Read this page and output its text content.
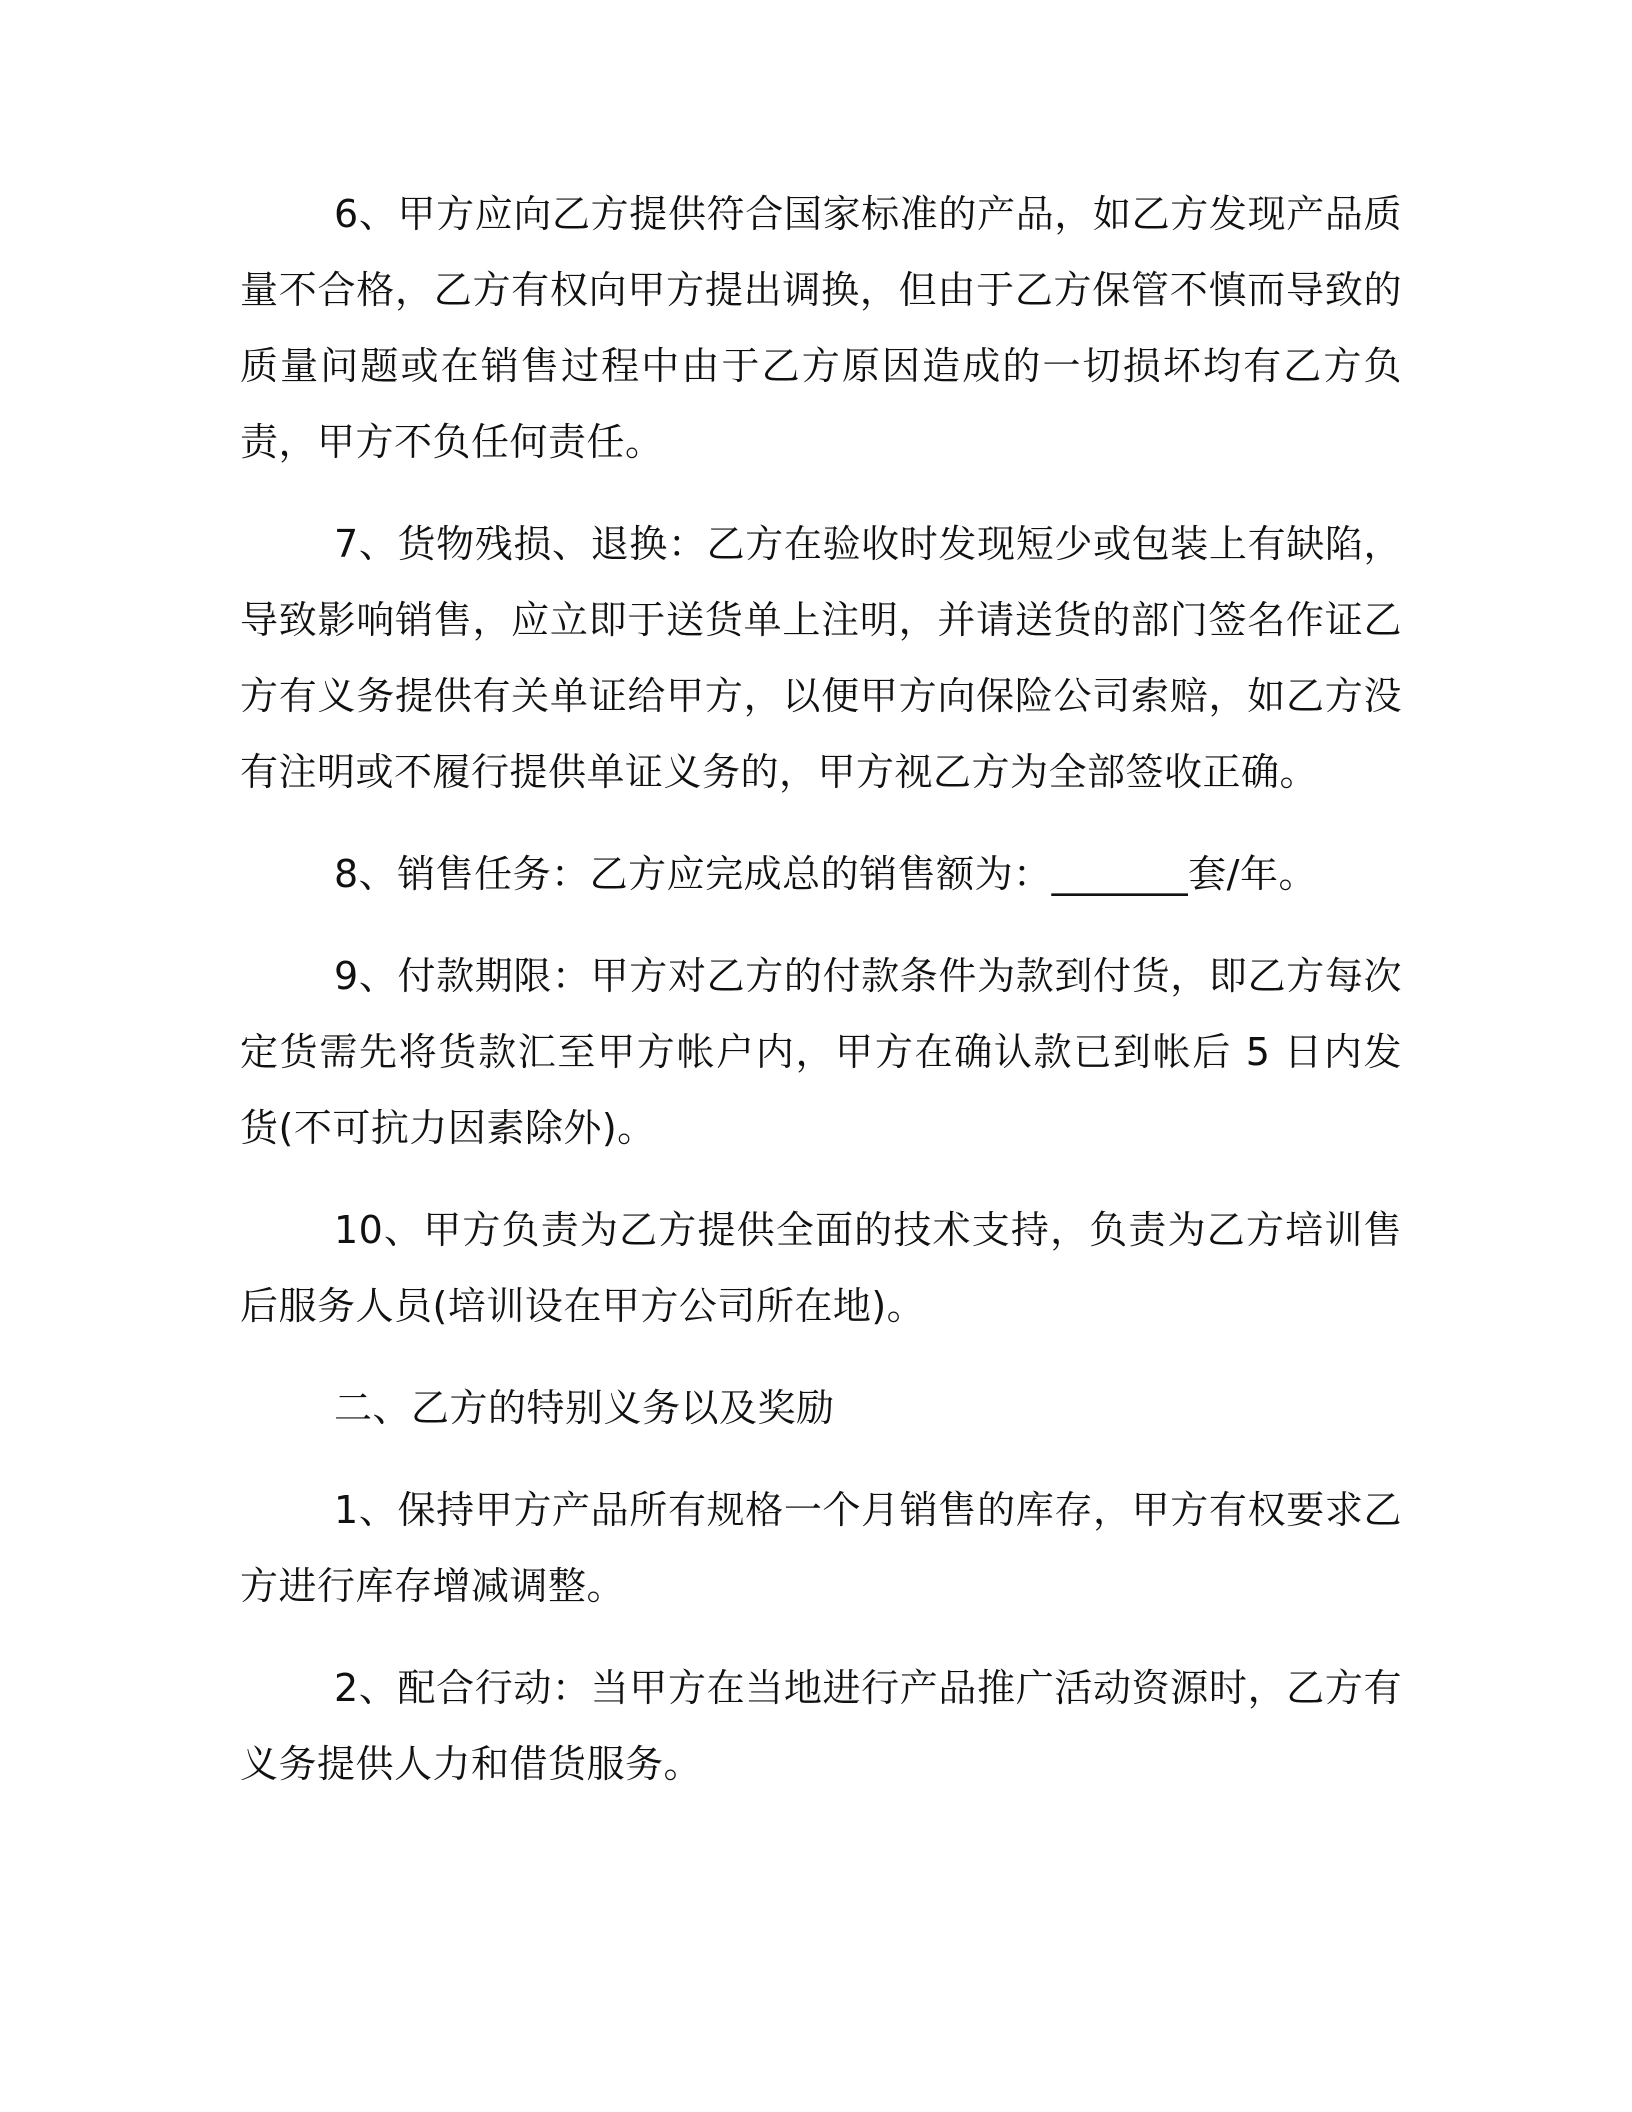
6、甲方应向乙方提供符合国家标准的产品，如乙方发现产品质量不合格，乙方有权向甲方提出调换，但由于乙方保管不慎而导致的质量问题或在销售过程中由于乙方原因造成的一切损坏均有乙方负责，甲方不负任何责任。

7、货物残损、退换：乙方在验收时发现短少或包装上有缺陷，导致影响销售，应立即于送货单上注明，并请送货的部门签名作证乙方有义务提供有关单证给甲方，以便甲方向保险公司索赔，如乙方没有注明或不履行提供单证义务的，甲方视乙方为全部签收正确。

8、销售任务：乙方应完成总的销售额为：_______套/年。

9、付款期限：甲方对乙方的付款条件为款到付货，即乙方每次定货需先将货款汇至甲方帐户内，甲方在确认款已到帐后 5 日内发货(不可抗力因素除外)。

10、甲方负责为乙方提供全面的技术支持，负责为乙方培训售后服务人员(培训设在甲方公司所在地)。

二、乙方的特别义务以及奖励

1、保持甲方产品所有规格一个月销售的库存，甲方有权要求乙方进行库存增减调整。

2、配合行动：当甲方在当地进行产品推广活动资源时，乙方有义务提供人力和借货服务。
